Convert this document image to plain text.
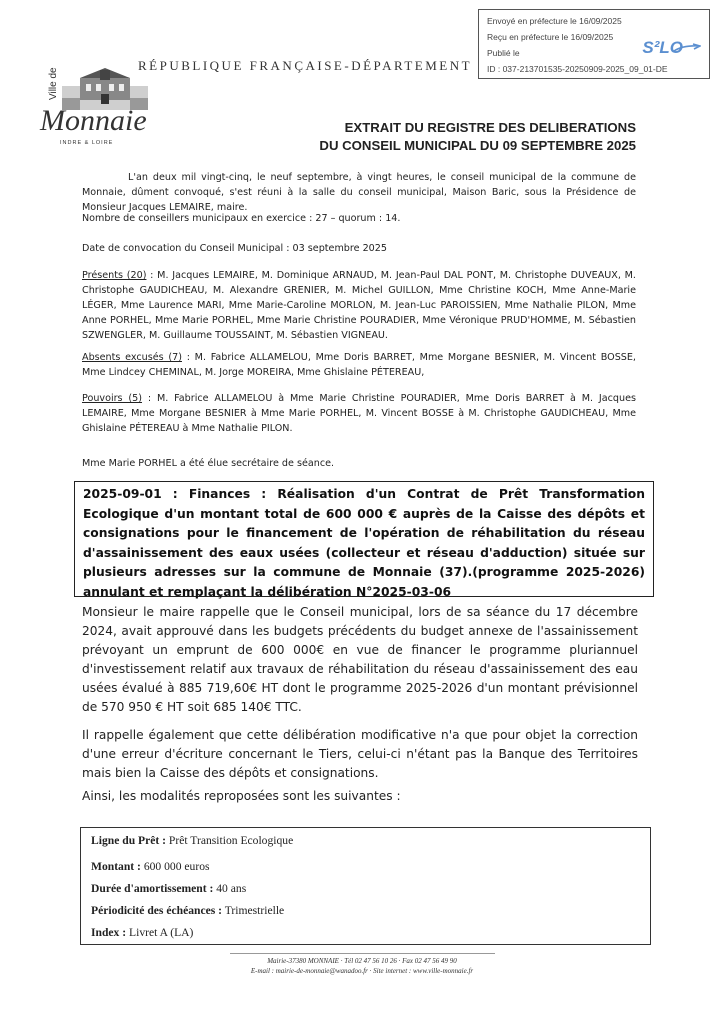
Envoyé en préfecture le 16/09/2025
Reçu en préfecture le 16/09/2025
Publié le
ID : 037-213701535-20250909-2025_09_01-DE
S²LO
RÉPUBLIQUE FRANÇAISE-DÉPARTEMENT
Ville de
Monnaie
INDRE & LOIRE
EXTRAIT DU REGISTRE DES DELIBERATIONS
DU CONSEIL MUNICIPAL DU 09 SEPTEMBRE 2025
L'an deux mil vingt-cinq, le neuf septembre, à vingt heures, le conseil municipal de la commune de Monnaie, dûment convoqué, s'est réuni à la salle du conseil municipal, Maison Baric, sous la Présidence de Monsieur Jacques LEMAIRE, maire.
Nombre de conseillers municipaux en exercice : 27 – quorum : 14.
Date de convocation du Conseil Municipal : 03 septembre 2025
Présents (20) : M. Jacques LEMAIRE, M. Dominique ARNAUD, M. Jean-Paul DAL PONT, M. Christophe DUVEAUX, M. Christophe GAUDICHEAU, M. Alexandre GRENIER, M. Michel GUILLON, Mme Christine KOCH, Mme Anne-Marie LÉGER, Mme Laurence MARI, Mme Marie-Caroline MORLON, M. Jean-Luc PAROISSIEN, Mme Nathalie PILON, Mme Anne PORHEL, Mme Marie PORHEL, Mme Marie Christine POURADIER, Mme Véronique PRUD'HOMME, M. Sébastien SZWENGLER, M. Guillaume TOUSSAINT, M. Sébastien VIGNEAU.
Absents excusés (7) : M. Fabrice ALLAMELOU, Mme Doris BARRET, Mme Morgane BESNIER, M. Vincent BOSSE, Mme Lindcey CHEMINAL, M. Jorge MOREIRA, Mme Ghislaine PÉTEREAU,
Pouvoirs (5) : M. Fabrice ALLAMELOU à Mme Marie Christine POURADIER, Mme Doris BARRET à M. Jacques LEMAIRE, Mme Morgane BESNIER à Mme Marie PORHEL, M. Vincent BOSSE à M. Christophe GAUDICHEAU, Mme Ghislaine PÉTEREAU à Mme Nathalie PILON.
Mme Marie PORHEL a été élue secrétaire de séance.
2025-09-01 : Finances : Réalisation d'un Contrat de Prêt Transformation Ecologique d'un montant total de 600 000 € auprès de la Caisse des dépôts et consignations pour le financement de l'opération de réhabilitation du réseau d'assainissement des eaux usées (collecteur et réseau d'adduction) située sur plusieurs adresses sur la commune de Monnaie (37).(programme 2025-2026) annulant et remplaçant la délibération N°2025-03-06
Monsieur le maire rappelle que le Conseil municipal, lors de sa séance du 17 décembre 2024, avait approuvé dans les budgets précédents du budget annexe de l'assainissement prévoyant un emprunt de 600 000€ en vue de financer le programme pluriannuel d'investissement relatif aux travaux de réhabilitation du réseau d'assainissement des eau usées évalué à 885 719,60€ HT dont le programme 2025-2026 d'un montant prévisionnel de 570 950 € HT soit 685 140€ TTC.
Il rappelle également que cette délibération modificative n'a que pour objet la correction d'une erreur d'écriture concernant le Tiers, celui-ci n'étant pas la Banque des Territoires mais bien la Caisse des dépôts et consignations.
Ainsi, les modalités reproposées sont les suivantes :
Ligne du Prêt : Prêt Transition Ecologique
Montant : 600 000 euros
Durée d'amortissement : 40 ans
Périodicité des échéances : Trimestrielle
Index : Livret A (LA)
Mairie-37380 MONNAIE · Tél 02 47 56 10 26 · Fax 02 47 56 49 90
E-mail : mairie-de-monnaie@wanadoo.fr · Site internet : www.ville-monnaie.fr
